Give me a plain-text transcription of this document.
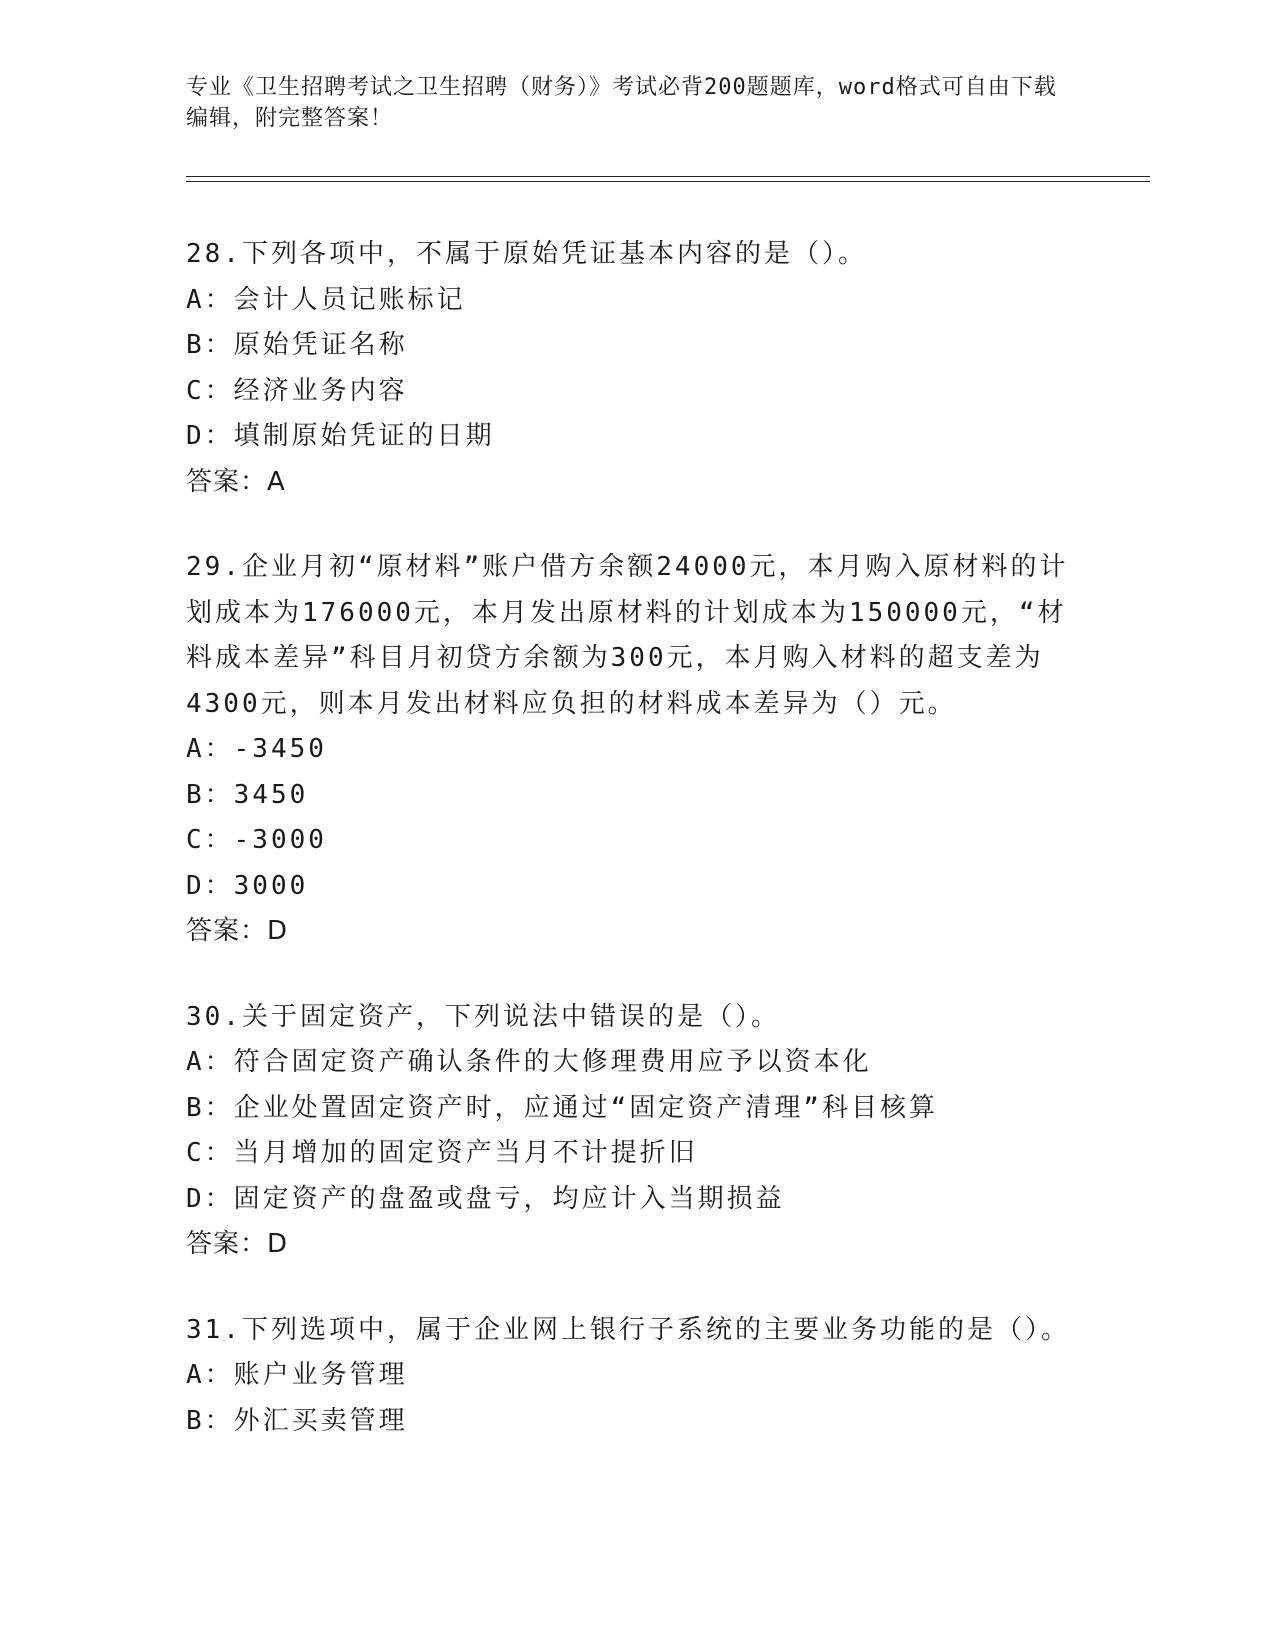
专业《卫生招聘考试之卫生招聘（财务）》考试必背200题题库，word格式可自由下载编辑，附完整答案！
28.下列各项中，不属于原始凭证基本内容的是（）。
A：会计人员记账标记
B：原始凭证名称
C：经济业务内容
D：填制原始凭证的日期
答案：A
29.企业月初“原材料”账户借方余额24000元，本月购入原材料的计划成本为176000元，本月发出原材料的计划成本为150000元，“材料成本差异”科目月初贷方余额为300元，本月购入材料的超支差为4300元，则本月发出材料应负担的材料成本差异为（）元。
A：-3450
B：3450
C：-3000
D：3000
答案：D
30.关于固定资产，下列说法中错误的是（）。
A：符合固定资产确认条件的大修理费用应予以资本化
B：企业处置固定资产时，应通过“固定资产清理”科目核算
C：当月增加的固定资产当月不计提折旧
D：固定资产的盘盈或盘亏，均应计入当期损益
答案：D
31.下列选项中，属于企业网上银行子系统的主要业务功能的是（）。
A：账户业务管理
B：外汇买卖管理
